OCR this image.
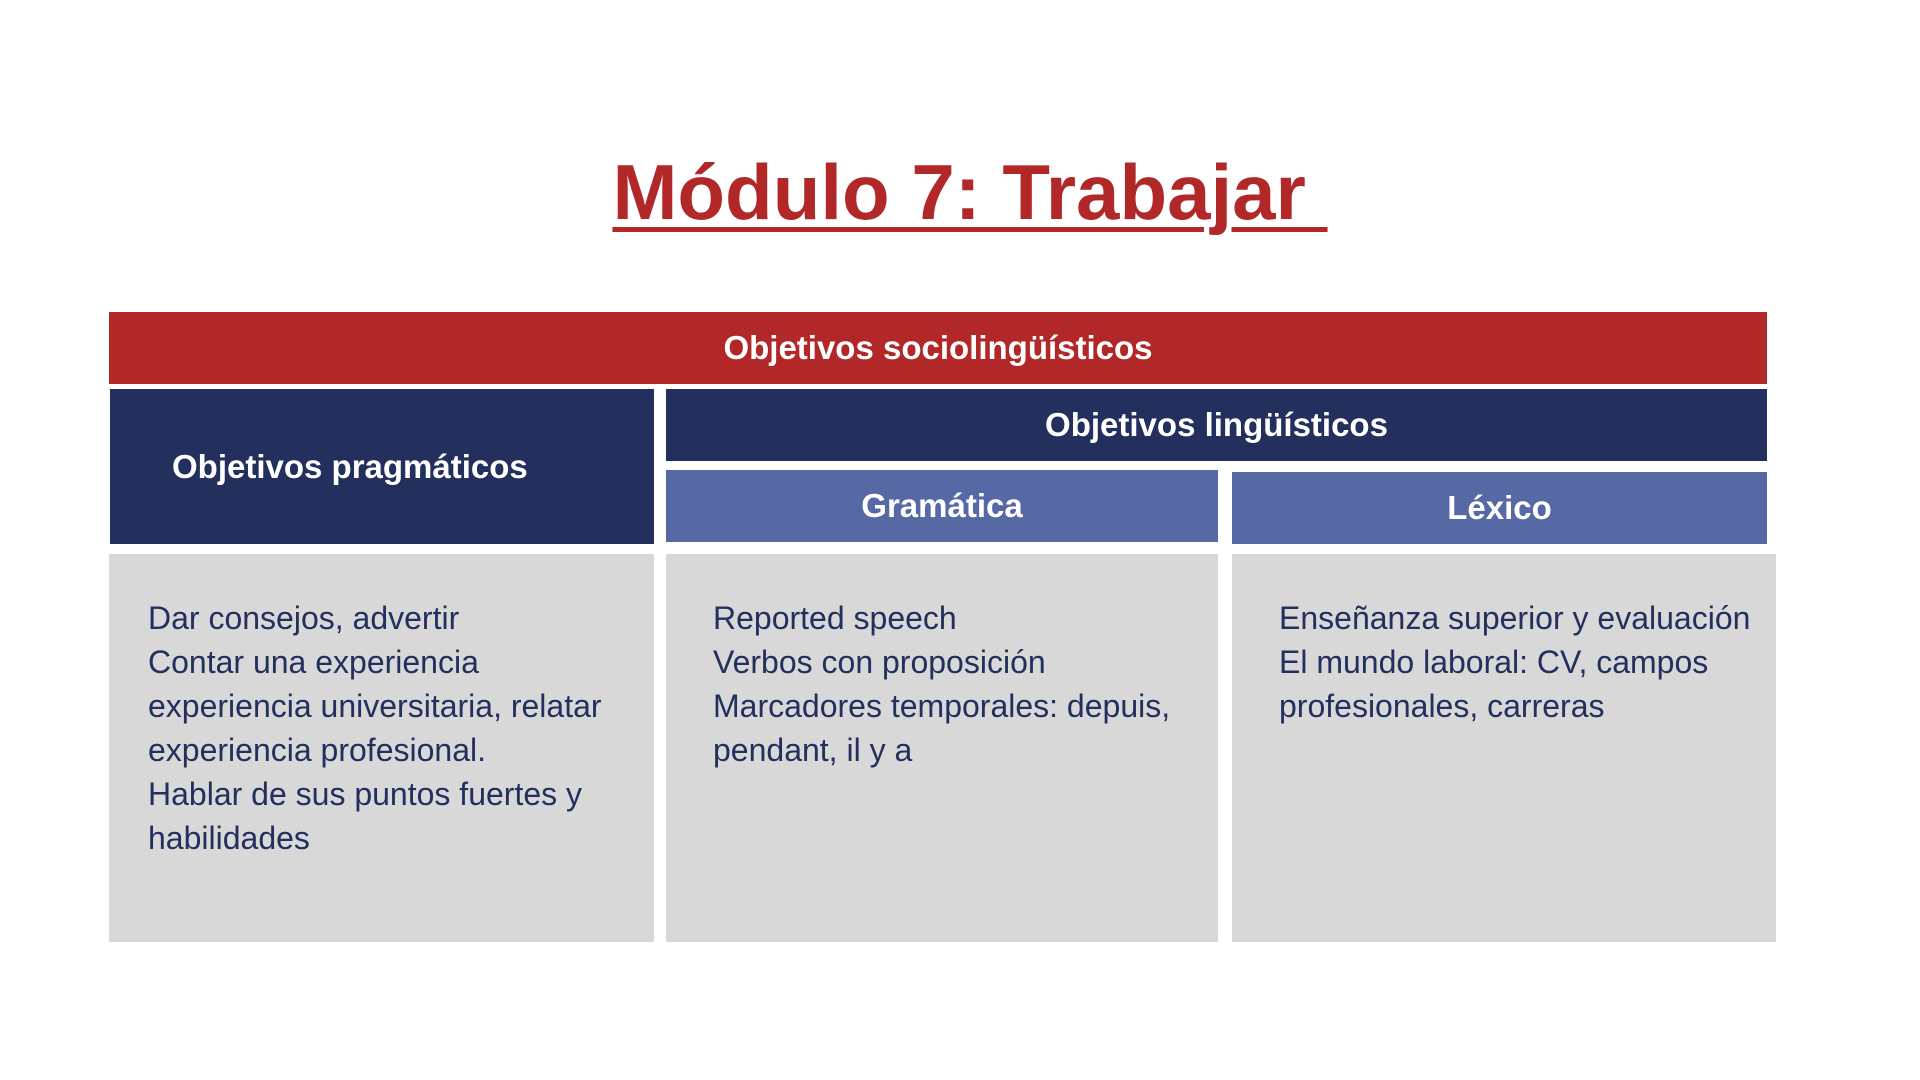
Módulo 7: Trabajar
Objetivos sociolingüísticos
Objetivos pragmáticos
Objetivos lingüísticos
Gramática	Léxico
Dar consejos, advertir
Contar una experiencia experiencia universitaria, relatar experiencia profesional.
Hablar de sus puntos fuertes y habilidades
Reported speech
Verbos con proposición
Marcadores temporales: depuis, pendant, il y a
Enseñanza superior y evaluación
El mundo laboral: CV, campos profesionales, carreras
